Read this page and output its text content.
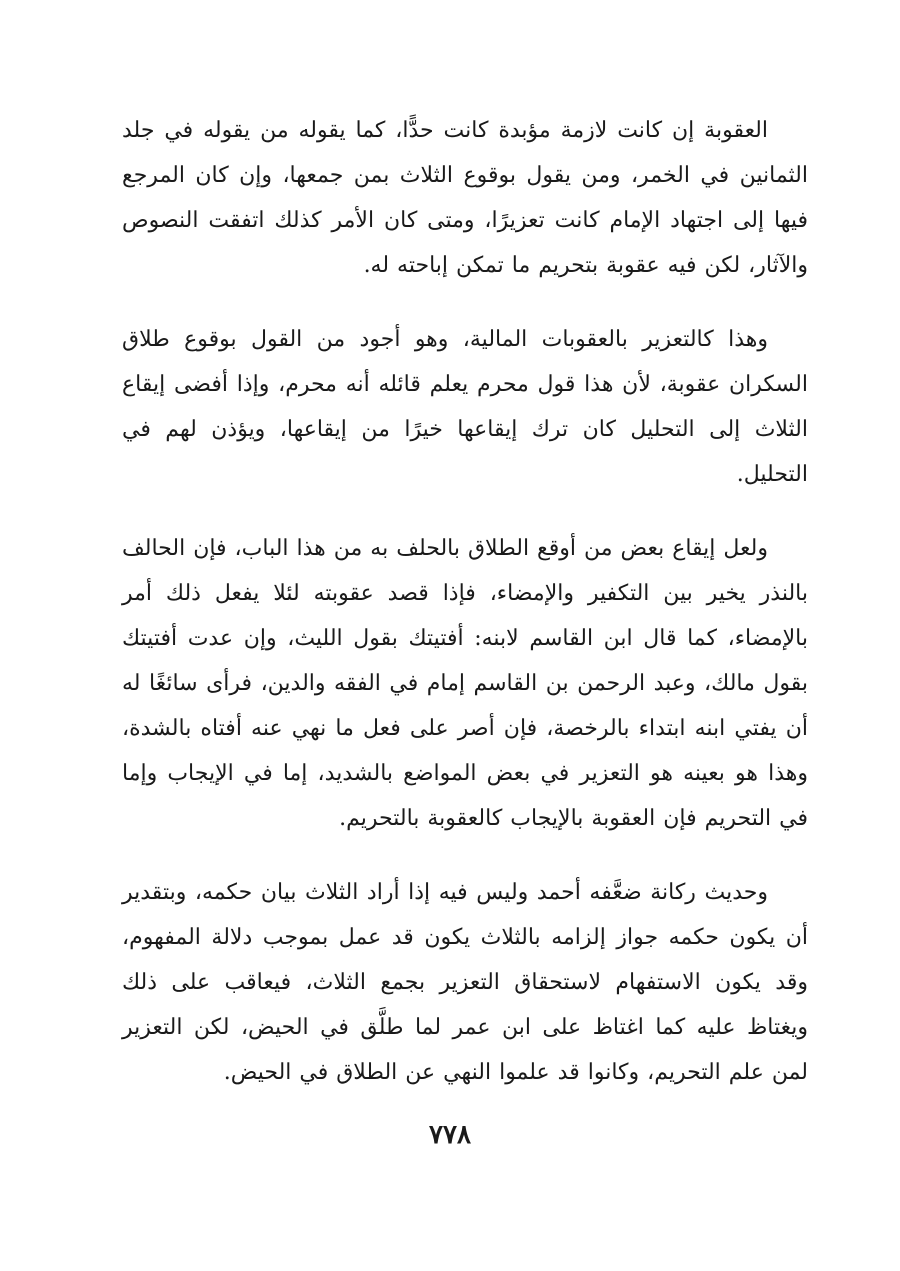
العقوبة إن كانت لازمة مؤبدة كانت حدًّا، كما يقوله من يقوله في جلد الثمانين في الخمر، ومن يقول بوقوع الثلاث بمن جمعها، وإن كان المرجع فيها إلى اجتهاد الإمام كانت تعزيرًا، ومتى كان الأمر كذلك اتفقت النصوص والآثار، لكن فيه عقوبة بتحريم ما تمكن إباحته له.

وهذا كالتعزير بالعقوبات المالية، وهو أجود من القول بوقوع طلاق السكران عقوبة، لأن هذا قول محرم يعلم قائله أنه محرم، وإذا أفضى إيقاع الثلاث إلى التحليل كان ترك إيقاعها خيرًا من إيقاعها، ويؤذن لهم في التحليل.

ولعل إيقاع بعض من أوقع الطلاق بالحلف به من هذا الباب، فإن الحالف بالنذر يخير بين التكفير والإمضاء، فإذا قصد عقوبته لئلا يفعل ذلك أمر بالإمضاء، كما قال ابن القاسم لابنه: أفتيتك بقول الليث، وإن عدت أفتيتك بقول مالك، وعبد الرحمن بن القاسم إمام في الفقه والدين، فرأى سائغًا له أن يفتي ابنه ابتداء بالرخصة، فإن أصر على فعل ما نهي عنه أفتاه بالشدة، وهذا هو بعينه هو التعزير في بعض المواضع بالشديد، إما في الإيجاب وإما في التحريم فإن العقوبة بالإيجاب كالعقوبة بالتحريم.

وحديث ركانة ضعَّفه أحمد وليس فيه إذا أراد الثلاث بيان حكمه، وبتقدير أن يكون حكمه جواز إلزامه بالثلاث يكون قد عمل بموجب دلالة المفهوم، وقد يكون الاستفهام لاستحقاق التعزير بجمع الثلاث، فيعاقب على ذلك ويغتاظ عليه كما اغتاظ على ابن عمر لما طلَّق في الحيض، لكن التعزير لمن علم التحريم، وكانوا قد علموا النهي عن الطلاق في الحيض.

٧٧٨
